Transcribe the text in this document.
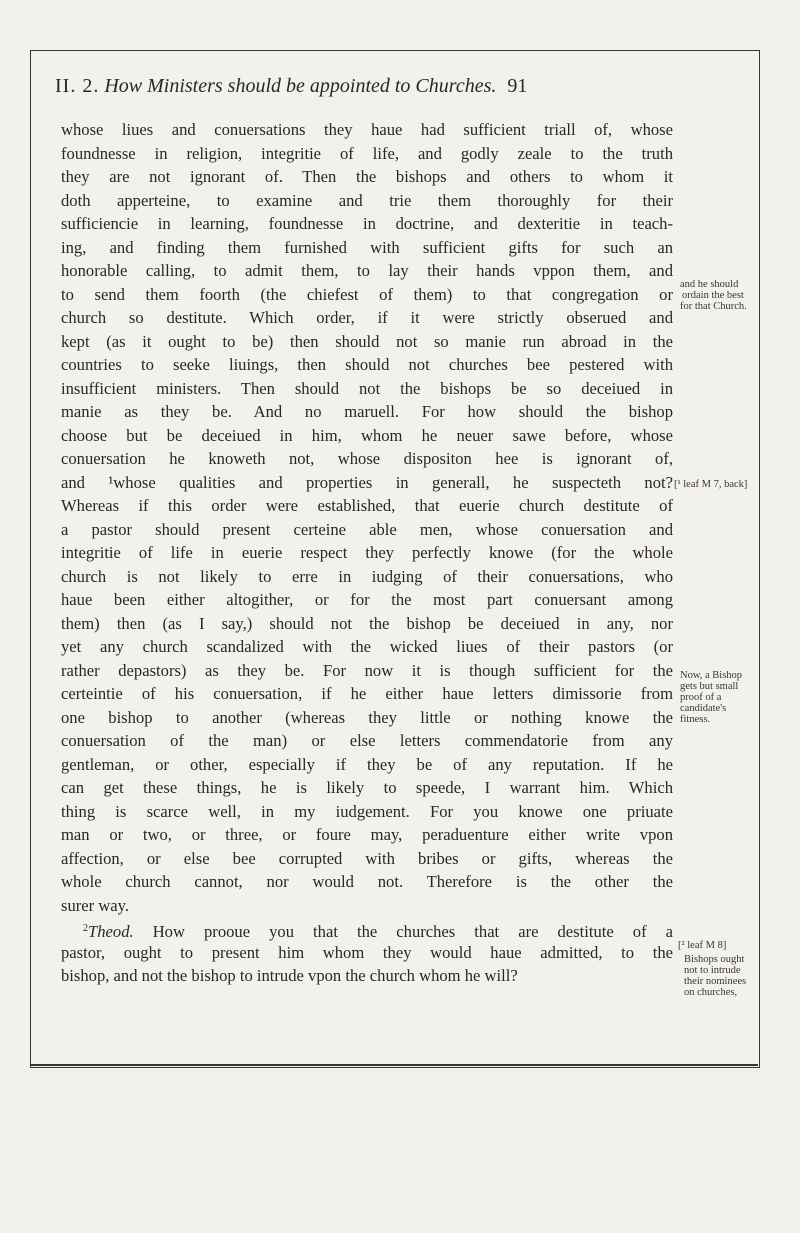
II. 2. How Ministers should be appointed to Churches. 91
whose liues and conuersations they haue had sufficient triall of, whose
foundnesse in religion, integritie of life, and godly zeale to the truth
they are not ignorant of. Then the bishops and others to whom it
doth apperteine, to examine and trie them thoroughly for their
sufficiencie in learning, foundnesse in doctrine, and dexteritie in teach-
ing, and finding them furnished with sufficient gifts for such an
honorable calling, to admit them, to lay their hands vppon them, and
to send them foorth (the chiefest of them) to that congregation or
church so destitute. Which order, if it were strictly obserued and
kept (as it ought to be) then should not so manie run abroad in the
countries to seeke liuings, then should not churches bee pestered with
insufficient ministers. Then should not the bishops be so deceiued in
manie as they be. And no maruell. For how should the bishop
choose but be deceiued in him, whom he neuer sawe before, whose
conuersation he knoweth not, whose dispositon hee is ignorant of,
and ¹whose qualities and properties in generall, he suspecteth not?
Whereas if this order were established, that euerie church destitute of
a pastor should present certeine able men, whose conuersation and
integritie of life in euerie respect they perfectly knowe (for the whole
church is not likely to erre in iudging of their conuersations, who
haue been either altogither, or for the most part conuersant among
them) then (as I say,) should not the bishop be deceiued in any, nor
yet any church scandalized with the wicked liues of their pastors (or
rather depastors) as they be. For now it is though sufficient for the
certeintie of his conuersation, if he either haue letters dimissorie from
one bishop to another (whereas they little or nothing knowe the
conuersation of the man) or else letters commendatorie from any
gentleman, or other, especially if they be of any reputation. If he
can get these things, he is likely to speede, I warrant him. Which
thing is scarce well, in my iudgement. For you knowe one priuate
man or two, or three, or foure may, peraduenture either write vpon
affection, or else bee corrupted with bribes or gifts, whereas the
whole church cannot, nor would not. Therefore is the other the
surer way.
$^2$Theod. How prooue you that the churches that are destitute of a
pastor, ought to present him whom they would haue admitted, to the
bishop, and not the bishop to intrude vpon the church whom he will?
and he should
ordain the best
for that Church.
[¹ leaf M 7, back]
Now, a Bishop
gets but small
proof of a
candidate's
fitness.
[² leaf M 8]
Bishops ought
not to intrude
their nominees
on churches,
